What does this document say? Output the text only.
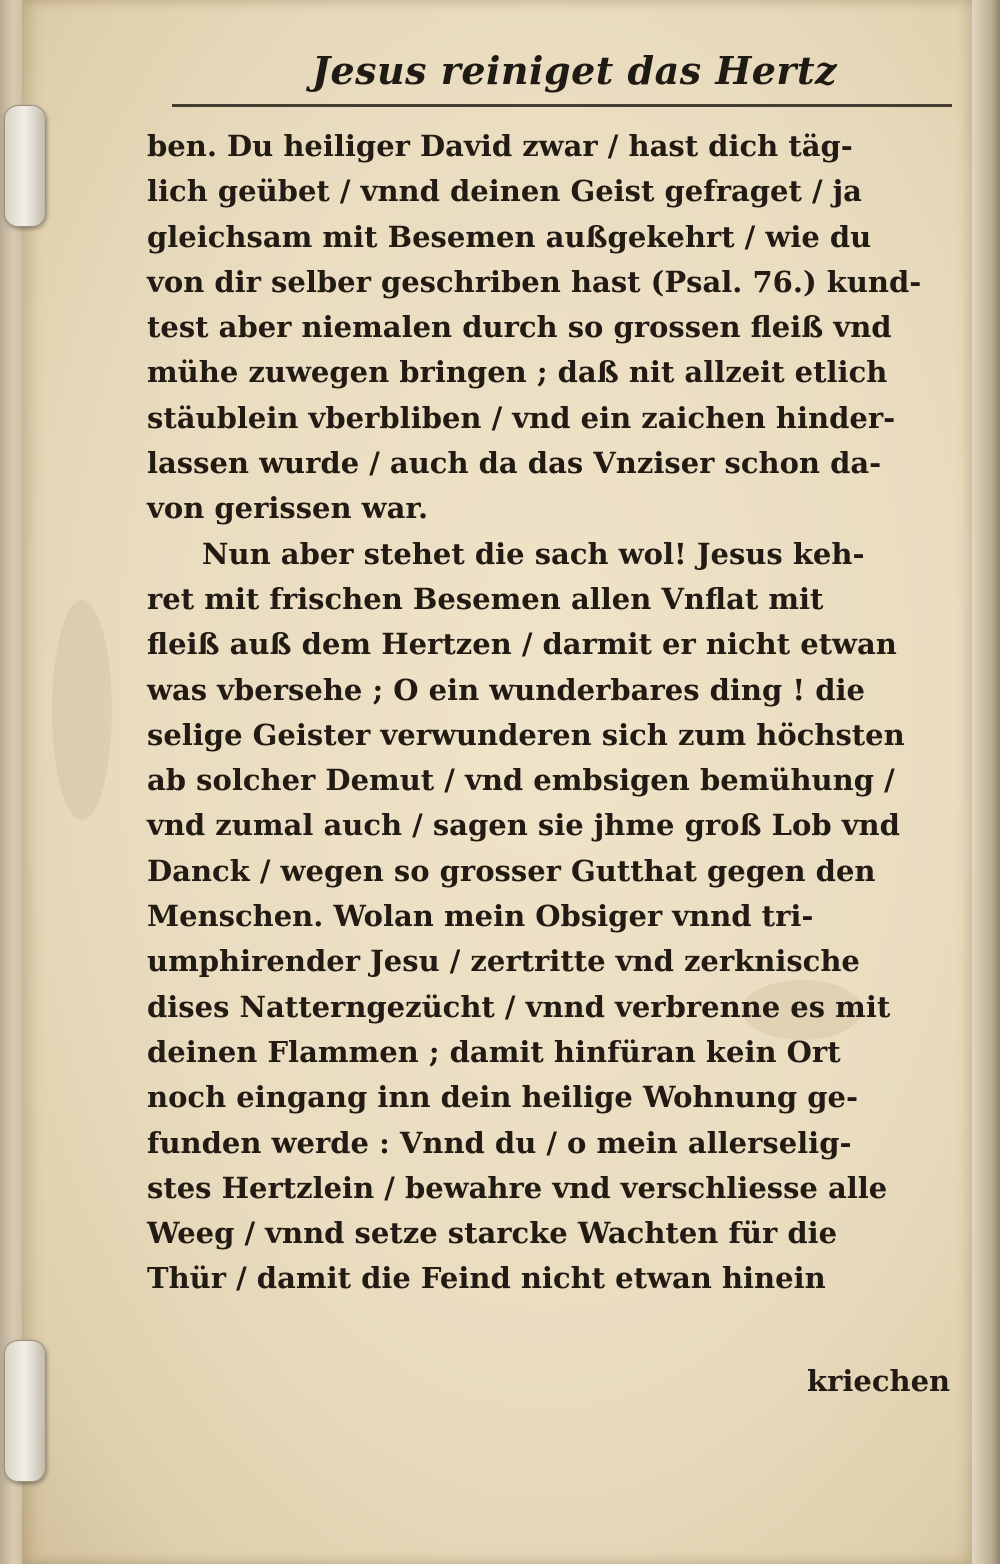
Jesus reiniget das Hertz
ben. Du heiliger David zwar / hast dich täg-
lich geübet / vnnd deinen Geist gefraget / ja
gleichsam mit Besemen außgekehrt / wie du
von dir selber geschriben hast (Psal. 76.) kund-
test aber niemalen durch so grossen fleiß vnd
mühe zuwegen bringen ; daß nit allzeit etlich
stäublein vberbliben / vnd ein zaichen hinder-
lassen wurde / auch da das Vnziser schon da-
von gerissen war.
Nun aber stehet die sach wol! Jesus keh-
ret mit frischen Besemen allen Vnflat mit
fleiß auß dem Hertzen / darmit er nicht etwan
was vbersehe ; O ein wunderbares ding ! die
selige Geister verwunderen sich zum höchsten
ab solcher Demut / vnd embsigen bemühung /
vnd zumal auch / sagen sie jhme groß Lob vnd
Danck / wegen so grosser Gutthat gegen den
Menschen. Wolan mein Obsiger vnnd tri-
umphirender Jesu / zertritte vnd zerknische
dises Natterngezücht / vnnd verbrenne es mit
deinen Flammen ; damit hinfüran kein Ort
noch eingang inn dein heilige Wohnung ge-
funden werde : Vnnd du / o mein allerselig-
stes Hertzlein / bewahre vnd verschliesse alle
Weeg / vnnd setze starcke Wachten für die
Thür / damit die Feind nicht etwan hinein
kriechen
